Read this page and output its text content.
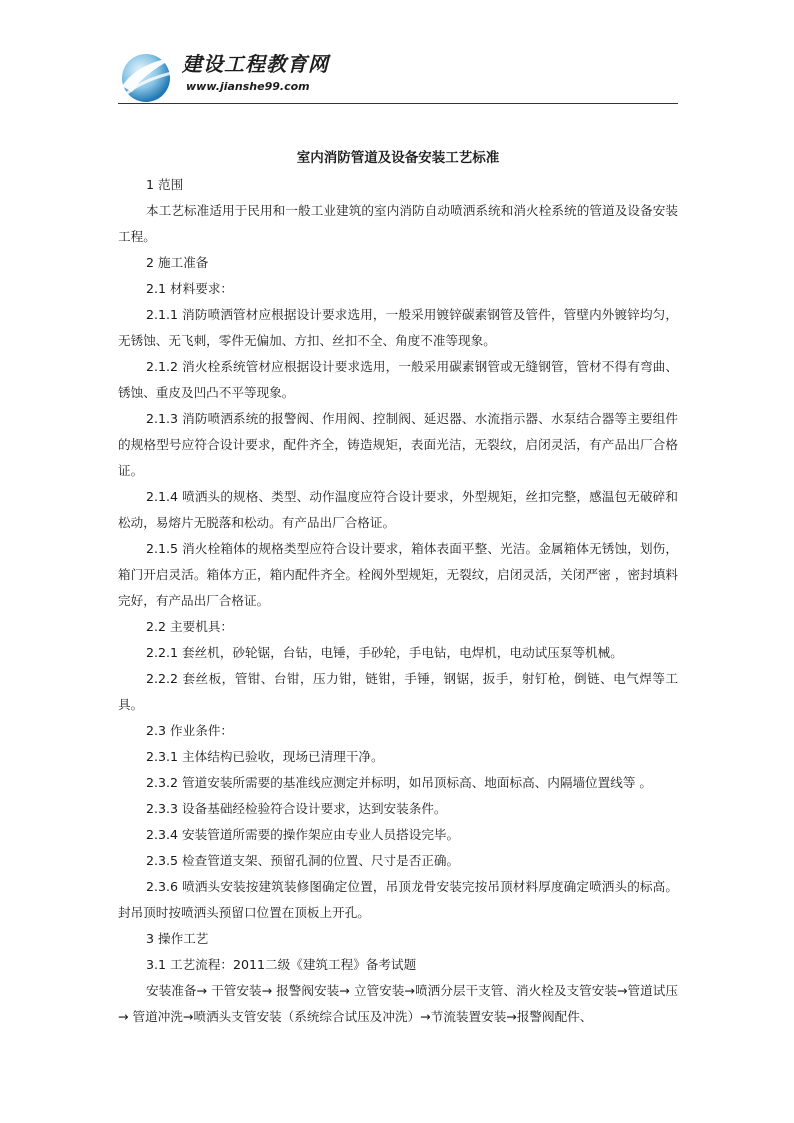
建设工程教育网
www.jianshe99.com
室内消防管道及设备安装工艺标准

1 范围

本工艺标准适用于民用和一般工业建筑的室内消防自动喷洒系统和消火栓系统的管道及设备安装工程。

2 施工准备

2.1 材料要求：

2.1.1 消防喷洒管材应根据设计要求选用，一般采用镀锌碳素钢管及管件，管壁内外镀锌均匀，无锈蚀、无飞刺，零件无偏加、方扣、丝扣不全、角度不准等现象。

2.1.2 消火栓系统管材应根据设计要求选用，一般采用碳素钢管或无缝钢管，管材不得有弯曲、锈蚀、重皮及凹凸不平等现象。

2.1.3 消防喷洒系统的报警阀、作用阀、控制阀、延迟器、水流指示器、水泵结合器等主要组件的规格型号应符合设计要求，配件齐全，铸造规矩，表面光洁，无裂纹，启闭灵活，有产品出厂合格证。

2.1.4 喷洒头的规格、类型、动作温度应符合设计要求，外型规矩，丝扣完整，感温包无破碎和松动，易熔片无脱落和松动。有产品出厂合格证。

2.1.5 消火栓箱体的规格类型应符合设计要求，箱体表面平整、光洁。金属箱体无锈蚀，划伤，箱门开启灵活。箱体方正，箱内配件齐全。栓阀外型规矩，无裂纹，启闭灵活，关闭严密 ，密封填料完好，有产品出厂合格证。

2.2 主要机具：

2.2.1 套丝机，砂轮锯，台钻，电锤，手砂轮，手电钻，电焊机，电动试压泵等机械。

2.2.2 套丝板，管钳、台钳，压力钳，链钳，手锤，钢锯，扳手，射钉枪，倒链、电气焊等工具。

2.3 作业条件：

2.3.1 主体结构已验收，现场已清理干净。

2.3.2 管道安装所需要的基准线应测定并标明，如吊顶标高、地面标高、内隔墙位置线等 。

2.3.3 设备基础经检验符合设计要求，达到安装条件。

2.3.4 安装管道所需要的操作架应由专业人员搭设完毕。

2.3.5 检查管道支架、预留孔洞的位置、尺寸是否正确。

2.3.6 喷洒头安装按建筑装修图确定位置，吊顶龙骨安装完按吊顶材料厚度确定喷洒头的标高。封吊顶时按喷洒头预留口位置在顶板上开孔。

3 操作工艺

3.1 工艺流程：2011二级《建筑工程》备考试题

安装准备→ 干管安装→ 报警阀安装→ 立管安装→喷洒分层干支管、消火栓及支管安装→管道试压→ 管道冲洗→喷洒头支管安装（系统综合试压及冲洗）→节流装置安装→报警阀配件、
